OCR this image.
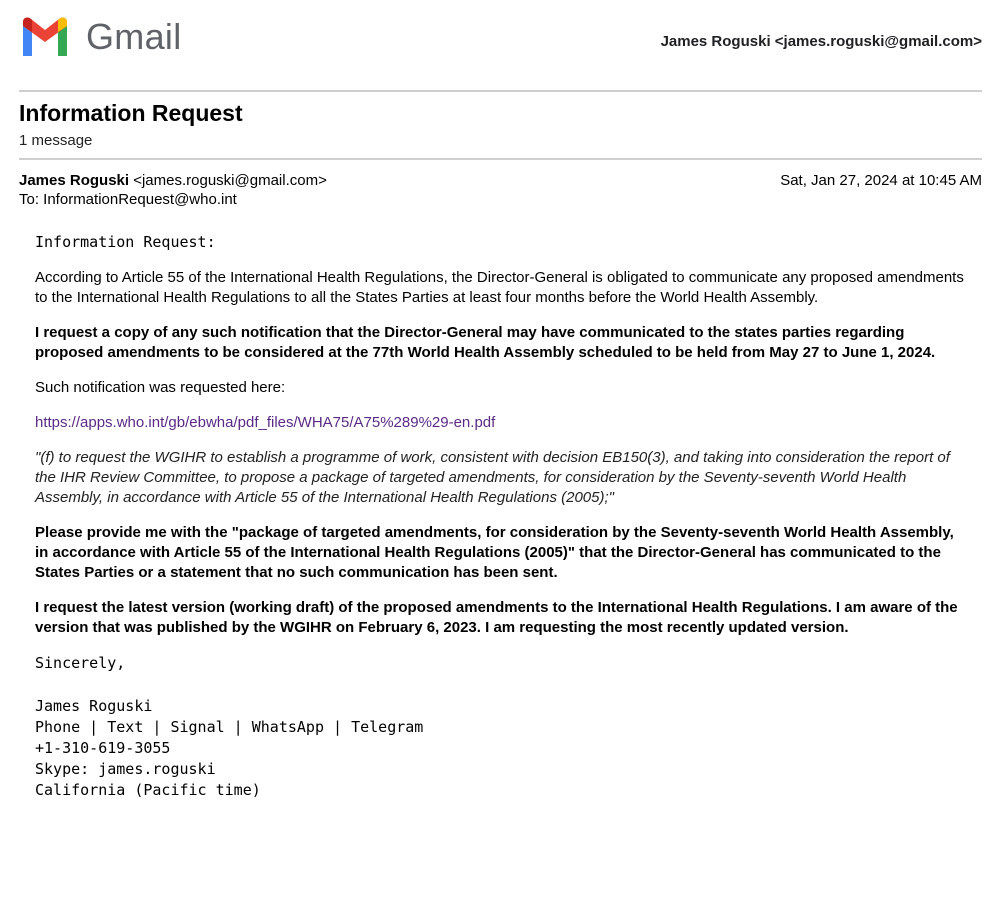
Gmail	James Roguski <james.roguski@gmail.com>
Information Request
1 message
James Roguski <james.roguski@gmail.com>
To: InformationRequest@who.int
Sat, Jan 27, 2024 at 10:45 AM

Information Request:

According to Article 55 of the International Health Regulations, the Director-General is obligated to communicate any proposed amendments to the International Health Regulations to all the States Parties at least four months before the World Health Assembly.

I request a copy of any such notification that the Director-General may have communicated to the states parties regarding proposed amendments to be considered at the 77th World Health Assembly scheduled to be held from May 27 to June 1, 2024.

Such notification was requested here:

https://apps.who.int/gb/ebwha/pdf_files/WHA75/A75%289%29-en.pdf

"(f) to request the WGIHR to establish a programme of work, consistent with decision EB150(3), and taking into consideration the report of the IHR Review Committee, to propose a package of targeted amendments, for consideration by the Seventy-seventh World Health Assembly, in accordance with Article 55 of the International Health Regulations (2005);"

Please provide me with the "package of targeted amendments, for consideration by the Seventy-seventh World Health Assembly, in accordance with Article 55 of the International Health Regulations (2005)" that the Director-General has communicated to the States Parties or a statement that no such communication has been sent.

I request the latest version (working draft) of the proposed amendments to the International Health Regulations. I am aware of the version that was published by the WGIHR on February 6, 2023. I am requesting the most recently updated version.

Sincerely,

James Roguski

Phone | Text | Signal | WhatsApp | Telegram

+1-310-619-3055

Skype: james.roguski

California (Pacific time)
